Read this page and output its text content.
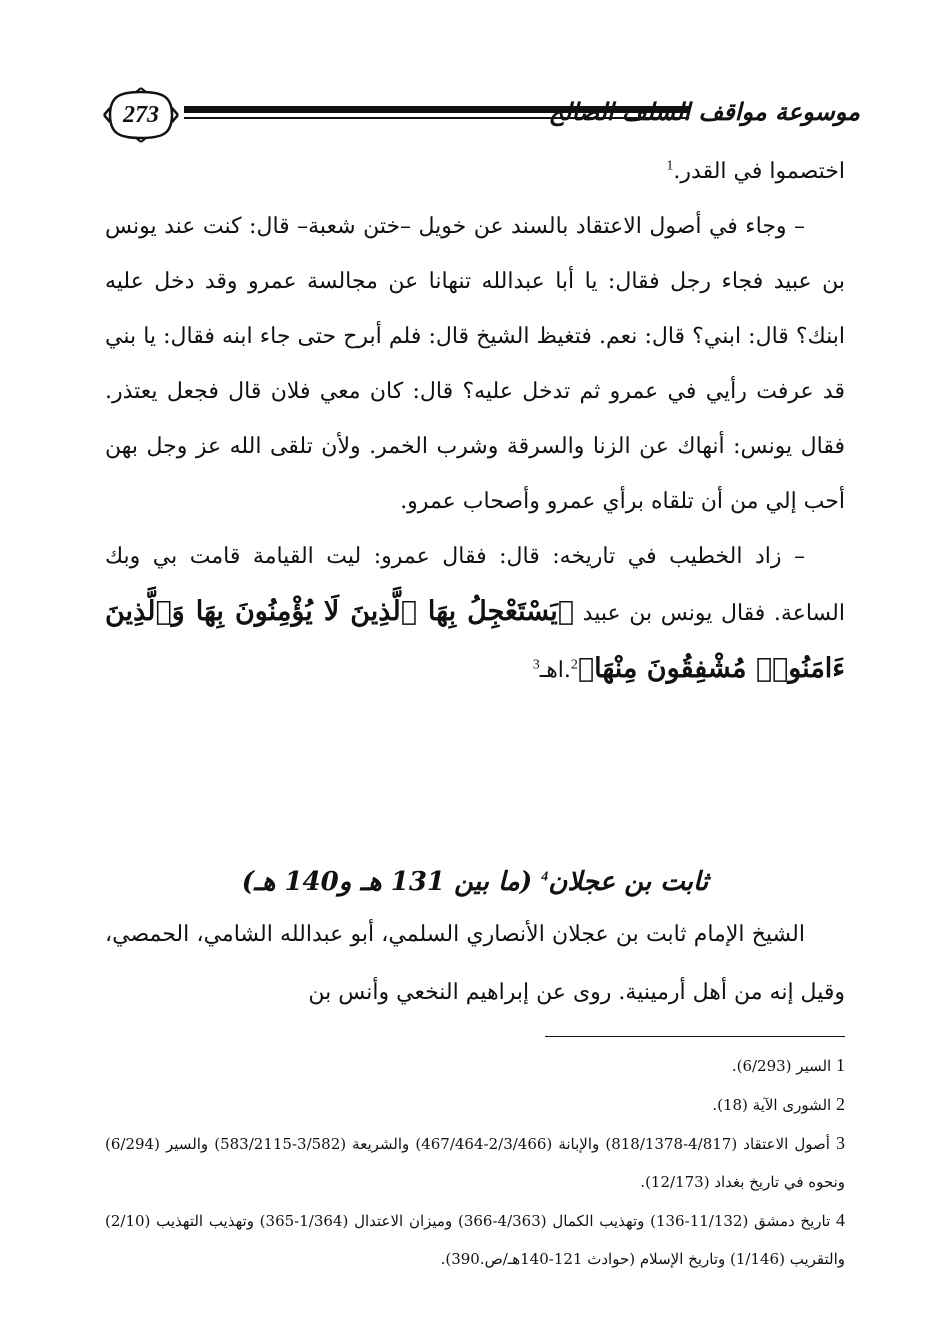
273	موسوعة مواقف السلف الصالح

اختصموا في القدر.$^1$

– وجاء في أصول الاعتقاد بالسند عن خويل –ختن شعبة– قال: كنت عند يونس بن عبيد فجاء رجل فقال: يا أبا عبدالله تنهانا عن مجالسة عمرو وقد دخل عليه ابنك؟ قال: ابني؟ قال: نعم. فتغيظ الشيخ قال: فلم أبرح حتى جاء ابنه فقال: يا بني قد عرفت رأيي في عمرو ثم تدخل عليه؟ قال: كان معي فلان قال فجعل يعتذر. فقال يونس: أنهاك عن الزنا والسرقة وشرب الخمر. ولأن تلقى الله عز وجل بهن أحب إلي من أن تلقاه برأي عمرو وأصحاب عمرو.

– زاد الخطيب في تاريخه: قال: فقال عمرو: ليت القيامة قامت بي وبك الساعة. فقال يونس بن عبيد ﴿يَسْتَعْجِلُ بِهَا ٱلَّذِينَ لَا يُؤْمِنُونَ بِهَا وَٱلَّذِينَ ءَامَنُوا۟ مُشْفِقُونَ مِنْهَا﴾$^2$.اهـ$^3$

ثابت بن عجلان$^4$ (ما بين 131 هـ و140 هـ)

الشيخ الإمام ثابت بن عجلان الأنصاري السلمي، أبو عبدالله الشامي، الحمصي، وقيل إنه من أهل أرمينية. روى عن إبراهيم النخعي وأنس بن

1 السير (6/293).

2 الشورى الآية (18).

3 أصول الاعتقاد (4/817-818/1378) والإبانة (2/3/466-467/464) والشريعة (3/582-583/2115) والسير (6/294) ونحوه في تاريخ بغداد (12/173).

4 تاريخ دمشق (11/132-136) وتهذيب الكمال (4/363-366) وميزان الاعتدال (1/364-365) وتهذيب التهذيب (2/10) والتقريب (1/146) وتاريخ الإسلام (حوادث 121-140هـ/ص.390).
